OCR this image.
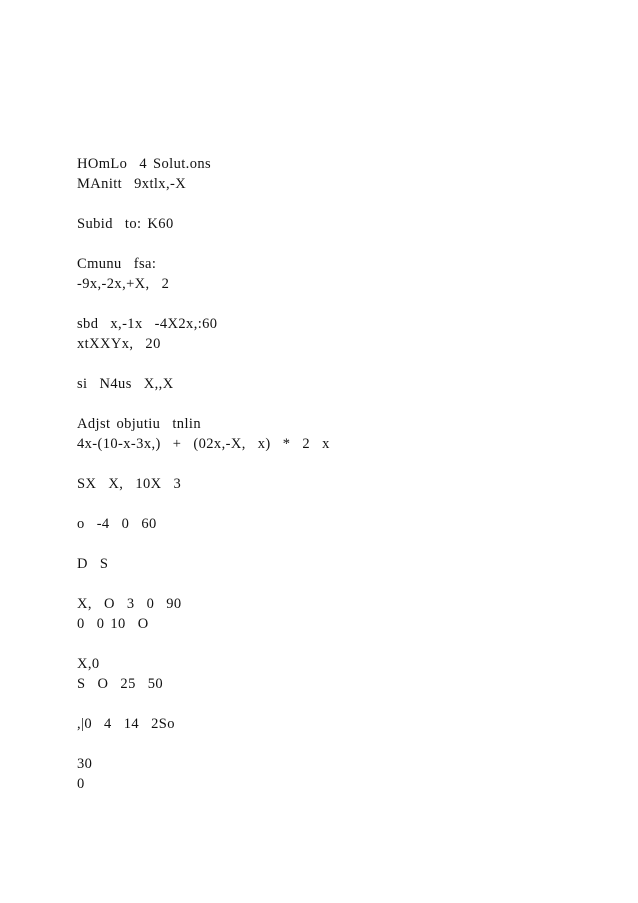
HOmLo  4 Solut.ons
MAnitt  9xtlx,-X
Subid  to: K60
Cmunu  fsa:
-9x,-2x,+X,  2
sbd  x,-1x  -4X2x,:60
xtXXYx,  20
si  N4us  X,,X
Adjst objutiu  tnlin
4x-(10-x-3x,)  +  (02x,-X,  x)  *  2  x
SX  X,  10X  3
o  -4  0  60
D  S
X,  O  3  0  90
0  0 10  O
X,0
S  O  25  50
,|0  4  14  2So
30
0
